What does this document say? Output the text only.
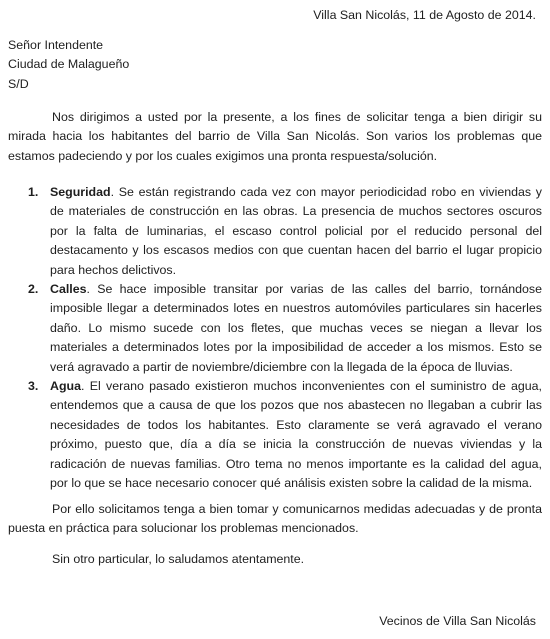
Villa San Nicolás, 11 de Agosto de 2014.
Señor Intendente
Ciudad de Malagueño
S/D

Nos dirigimos a usted por la presente, a los fines de solicitar tenga a bien dirigir su mirada hacia los habitantes del barrio de Villa San Nicolás. Son varios los problemas que estamos padeciendo y por los cuales exigimos una pronta respuesta/solución.

1. Seguridad. Se están registrando cada vez con mayor periodicidad robo en viviendas y de materiales de construcción en las obras. La presencia de muchos sectores oscuros por la falta de luminarias, el escaso control policial por el reducido personal del destacamento y los escasos medios con que cuentan hacen del barrio el lugar propicio para hechos delictivos.
2. Calles. Se hace imposible transitar por varias de las calles del barrio, tornándose imposible llegar a determinados lotes en nuestros automóviles particulares sin hacerles daño. Lo mismo sucede con los fletes, que muchas veces se niegan a llevar los materiales a determinados lotes por la imposibilidad de acceder a los mismos. Esto se verá agravado a partir de noviembre/diciembre con la llegada de la época de lluvias.
3. Agua. El verano pasado existieron muchos inconvenientes con el suministro de agua, entendemos que a causa de que los pozos que nos abastecen no llegaban a cubrir las necesidades de todos los habitantes. Esto claramente se verá agravado el verano próximo, puesto que, día a día se inicia la construcción de nuevas viviendas y la radicación de nuevas familias. Otro tema no menos importante es la calidad del agua, por lo que se hace necesario conocer qué análisis existen sobre la calidad de la misma.

Por ello solicitamos tenga a bien tomar y comunicarnos medidas adecuadas y de pronta puesta en práctica para solucionar los problemas mencionados.

Sin otro particular, lo saludamos atentamente.

Vecinos de Villa San Nicolás
